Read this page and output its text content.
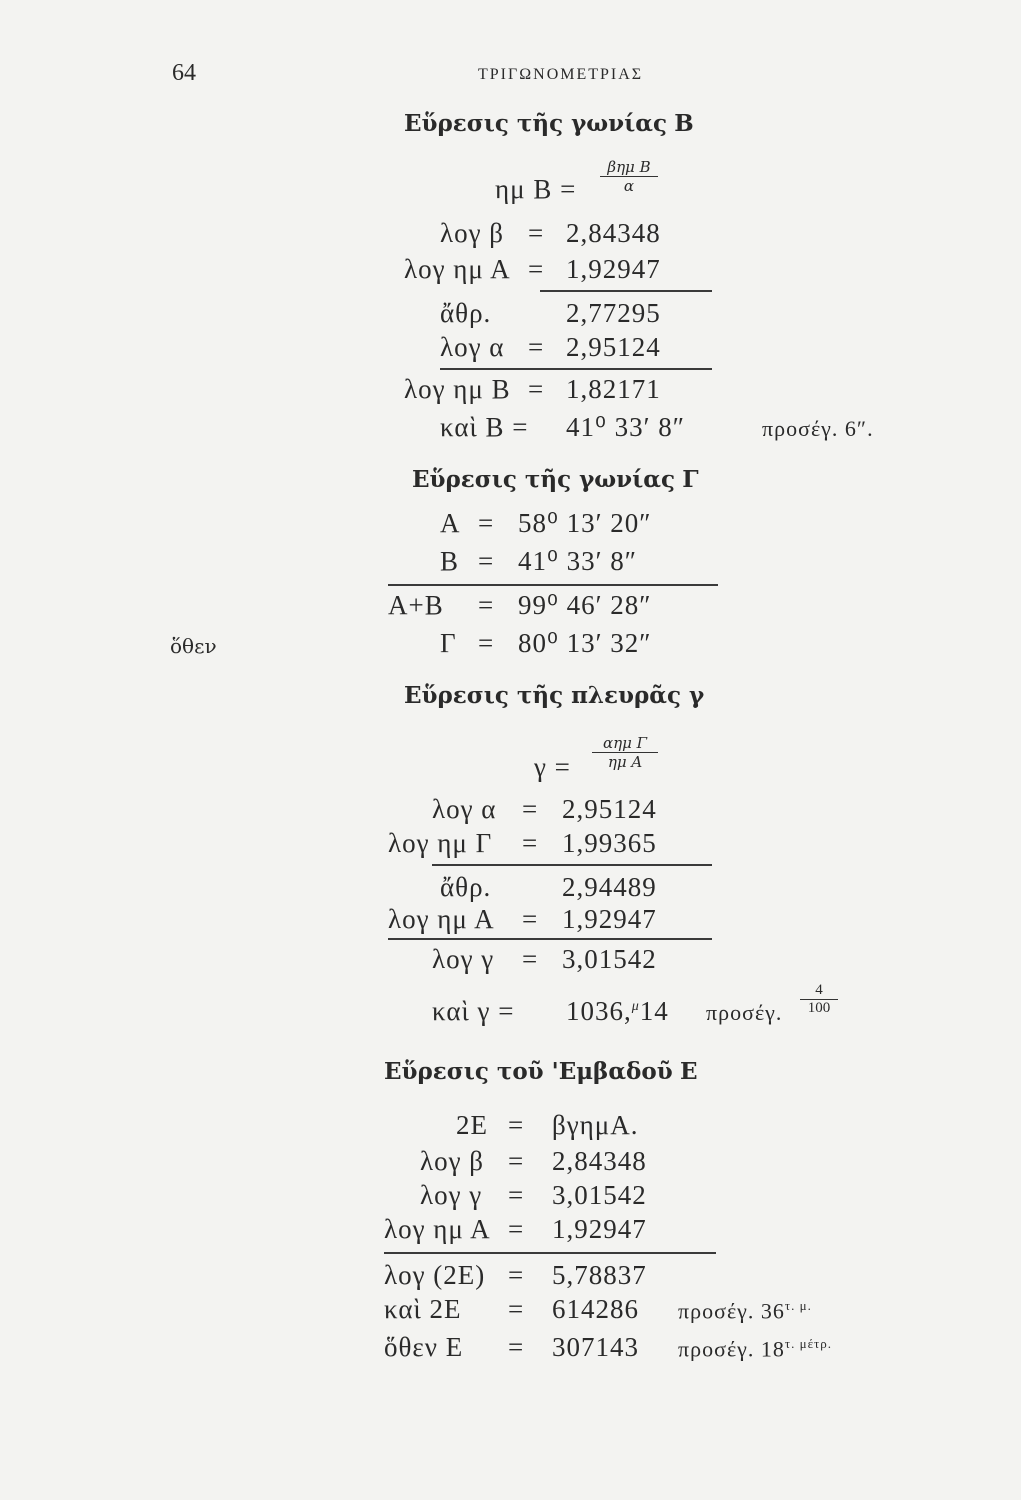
64	ΤΡΙΓΩΝΟΜΕΤΡΙΑΣ
Εὕρεσις τῆς γωνίας Β
ημ Β =
βημ Β
α
λογ β = 2,84348
λογ ημ Α = 1,92947
ἄθρ.	2,77295
λογ α = 2,95124
λογ ημ Β = 1,82171
καὶ Β = 41⁰ 33′ 8″	προσέγ. 6″.
Εὕρεσις τῆς γωνίας Γ
Α = 58⁰ 13′ 20″
Β = 41⁰ 33′ 8″
Α+Β = 99⁰ 46′ 28″
ὅθεν	Γ = 80⁰ 13′ 32″
Εὕρεσις τῆς πλευρᾶς γ
γ =
αημ Γ
ημ Α
λογ α = 2,95124
λογ ημ Γ = 1,99365
ἄθρ.	2,94489
λογ ημ Α = 1,92947
λογ γ = 3,01542
καὶ γ = 1036,$^\mu$14 προσέγ.
4
100
Εὕρεσις τοῦ 'Εμβαδοῦ Ε
2Ε = βγημΑ.
λογ β = 2,84348
λογ γ = 3,01542
λογ ημ Α = 1,92947
λογ (2Ε) = 5,78837
καὶ 2Ε = 614286 προσέγ. $36^{\tau. \mu.}$
ὅθεν Ε = 307143 προσέγ. $18^{\tau. \mu έ\tau\rho.}$
